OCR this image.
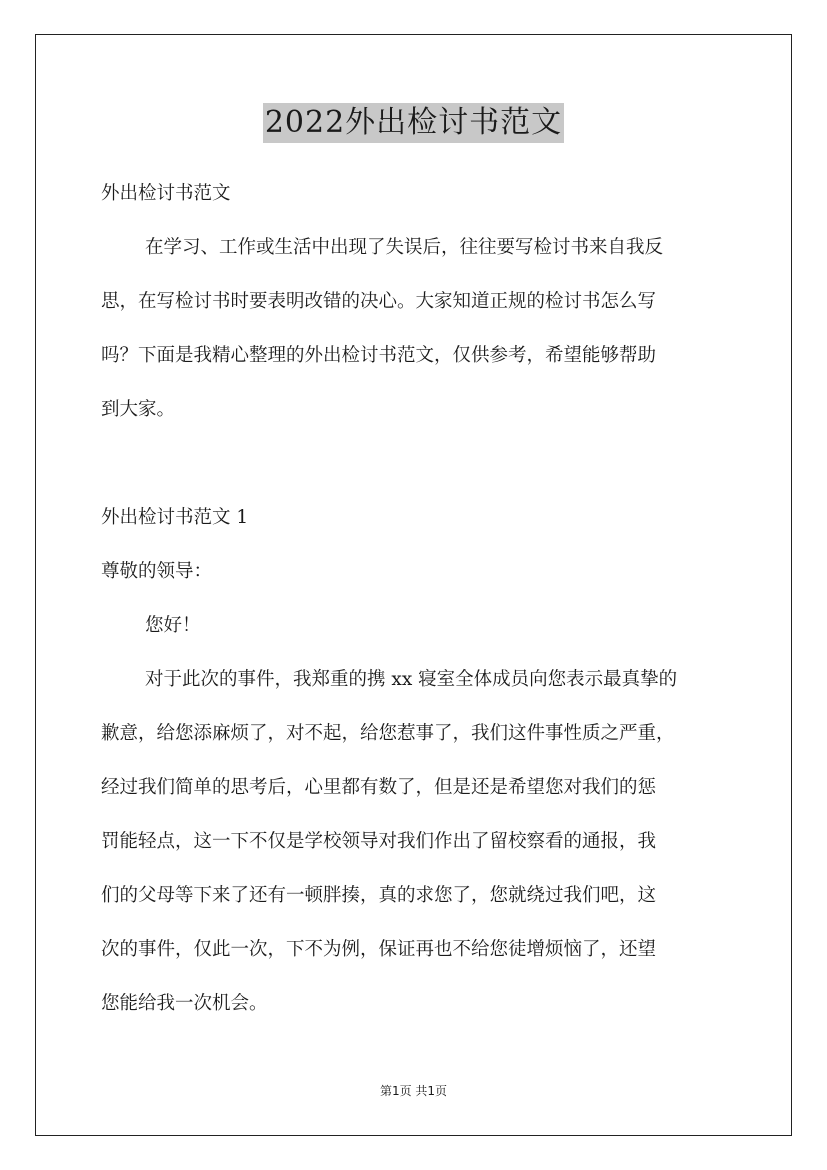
2022外出检讨书范文
外出检讨书范文
在学习、工作或生活中出现了失误后，往往要写检讨书来自我反
思，在写检讨书时要表明改错的决心。大家知道正规的检讨书怎么写
吗？下面是我精心整理的外出检讨书范文，仅供参考，希望能够帮助
到大家。
外出检讨书范文 1
尊敬的领导：
您好！
对于此次的事件，我郑重的携 xx 寝室全体成员向您表示最真挚的
歉意，给您添麻烦了，对不起，给您惹事了，我们这件事性质之严重，
经过我们简单的思考后，心里都有数了，但是还是希望您对我们的惩
罚能轻点，这一下不仅是学校领导对我们作出了留校察看的通报，我
们的父母等下来了还有一顿胖揍，真的求您了，您就绕过我们吧，这
次的事件，仅此一次，下不为例，保证再也不给您徒增烦恼了，还望
您能给我一次机会。
第1页 共1页
